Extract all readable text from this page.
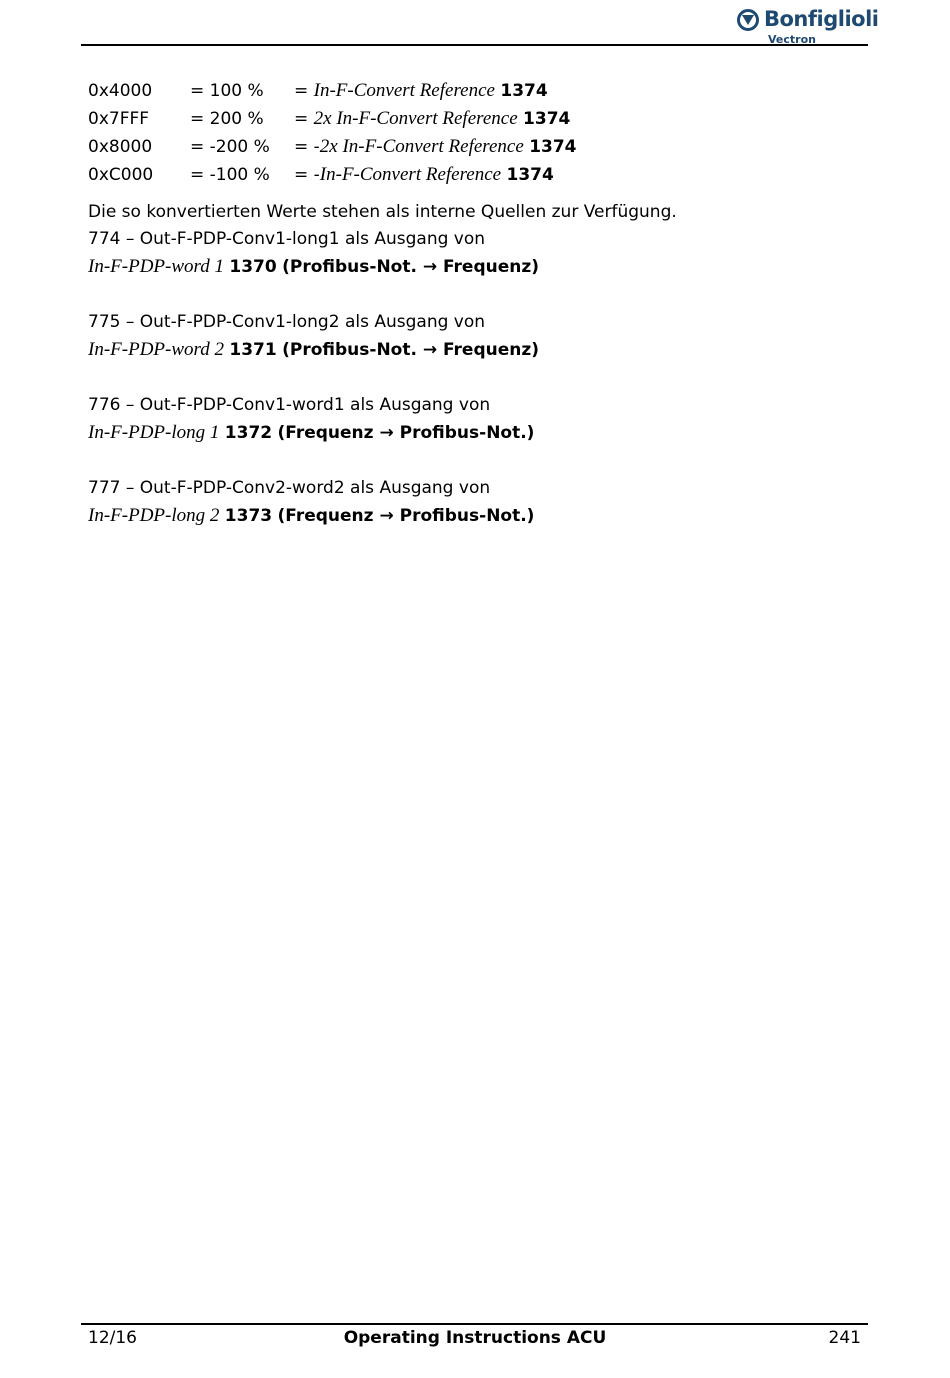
Bonfiglioli
Vectron
0x4000 = 100 % = In-F-Convert Reference 1374
0x7FFF = 200 % = 2x In-F-Convert Reference 1374
0x8000 = -200 % = -2x In-F-Convert Reference 1374
0xC000 = -100 % = -In-F-Convert Reference 1374
Die so konvertierten Werte stehen als interne Quellen zur Verfügung.
774 – Out-F-PDP-Conv1-long1 als Ausgang von
In-F-PDP-word 1 1370 (Profibus-Not. → Frequenz)
775 – Out-F-PDP-Conv1-long2 als Ausgang von
In-F-PDP-word 2 1371 (Profibus-Not. → Frequenz)
776 – Out-F-PDP-Conv1-word1 als Ausgang von
In-F-PDP-long 1 1372 (Frequenz → Profibus-Not.)
777 – Out-F-PDP-Conv2-word2 als Ausgang von
In-F-PDP-long 2 1373 (Frequenz → Profibus-Not.)
12/16	Operating Instructions ACU	241
